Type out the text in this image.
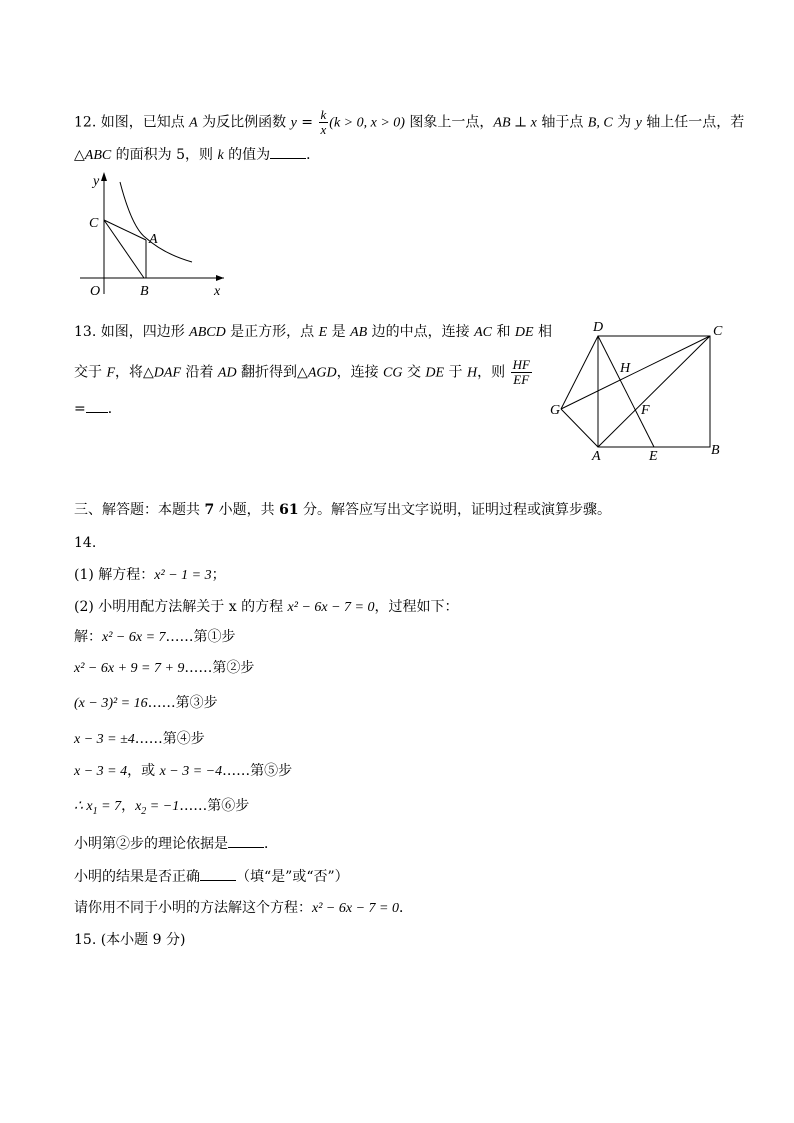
12. 如图，已知点 A 为反比例函数 $y = \frac{k}{x} (k > 0$, x > 0) 图象上一点，AB ⊥ x 轴于点 B, C 为 y 轴上任一点，若
△ABC 的面积为 5，则 k 的值为	．
y
x
O
C
A
B
13. 如图，四边形 ABCD 是正方形，点 E 是 AB 边的中点，连接 AC 和 DE 相
交于 F，将△DAF 沿着 AD 翻折得到△AGD，连接 CG 交 DE 于 H，则 $\frac{HF}{EF}$
= ．
D	C
H
G	F
A	E	B
三、解答题：本题共 7 小题，共 61 分。解答应写出文字说明，证明过程或演算步骤。
14.
(1) 解方程：x² − 1 = 3；
(2) 小明用配方法解关于 x 的方程 x² − 6x − 7 = 0，过程如下：
解：x² − 6x = 7……第①步
x² − 6x + 9 = 7 + 9……第②步
(x − 3)² = 16……第③步
x − 3 = ±4……第④步
x − 3 = 4，或 x − 3 = −4……第⑤步
∴ $x_1 = 7$，$x_2$ = −1……第⑥步
小明第②步的理论依据是	．
小明的结果是否正确	（填“是”或“否”）
请你用不同于小明的方法解这个方程：x² − 6x − 7 = 0．
15. (本小题 9 分)
